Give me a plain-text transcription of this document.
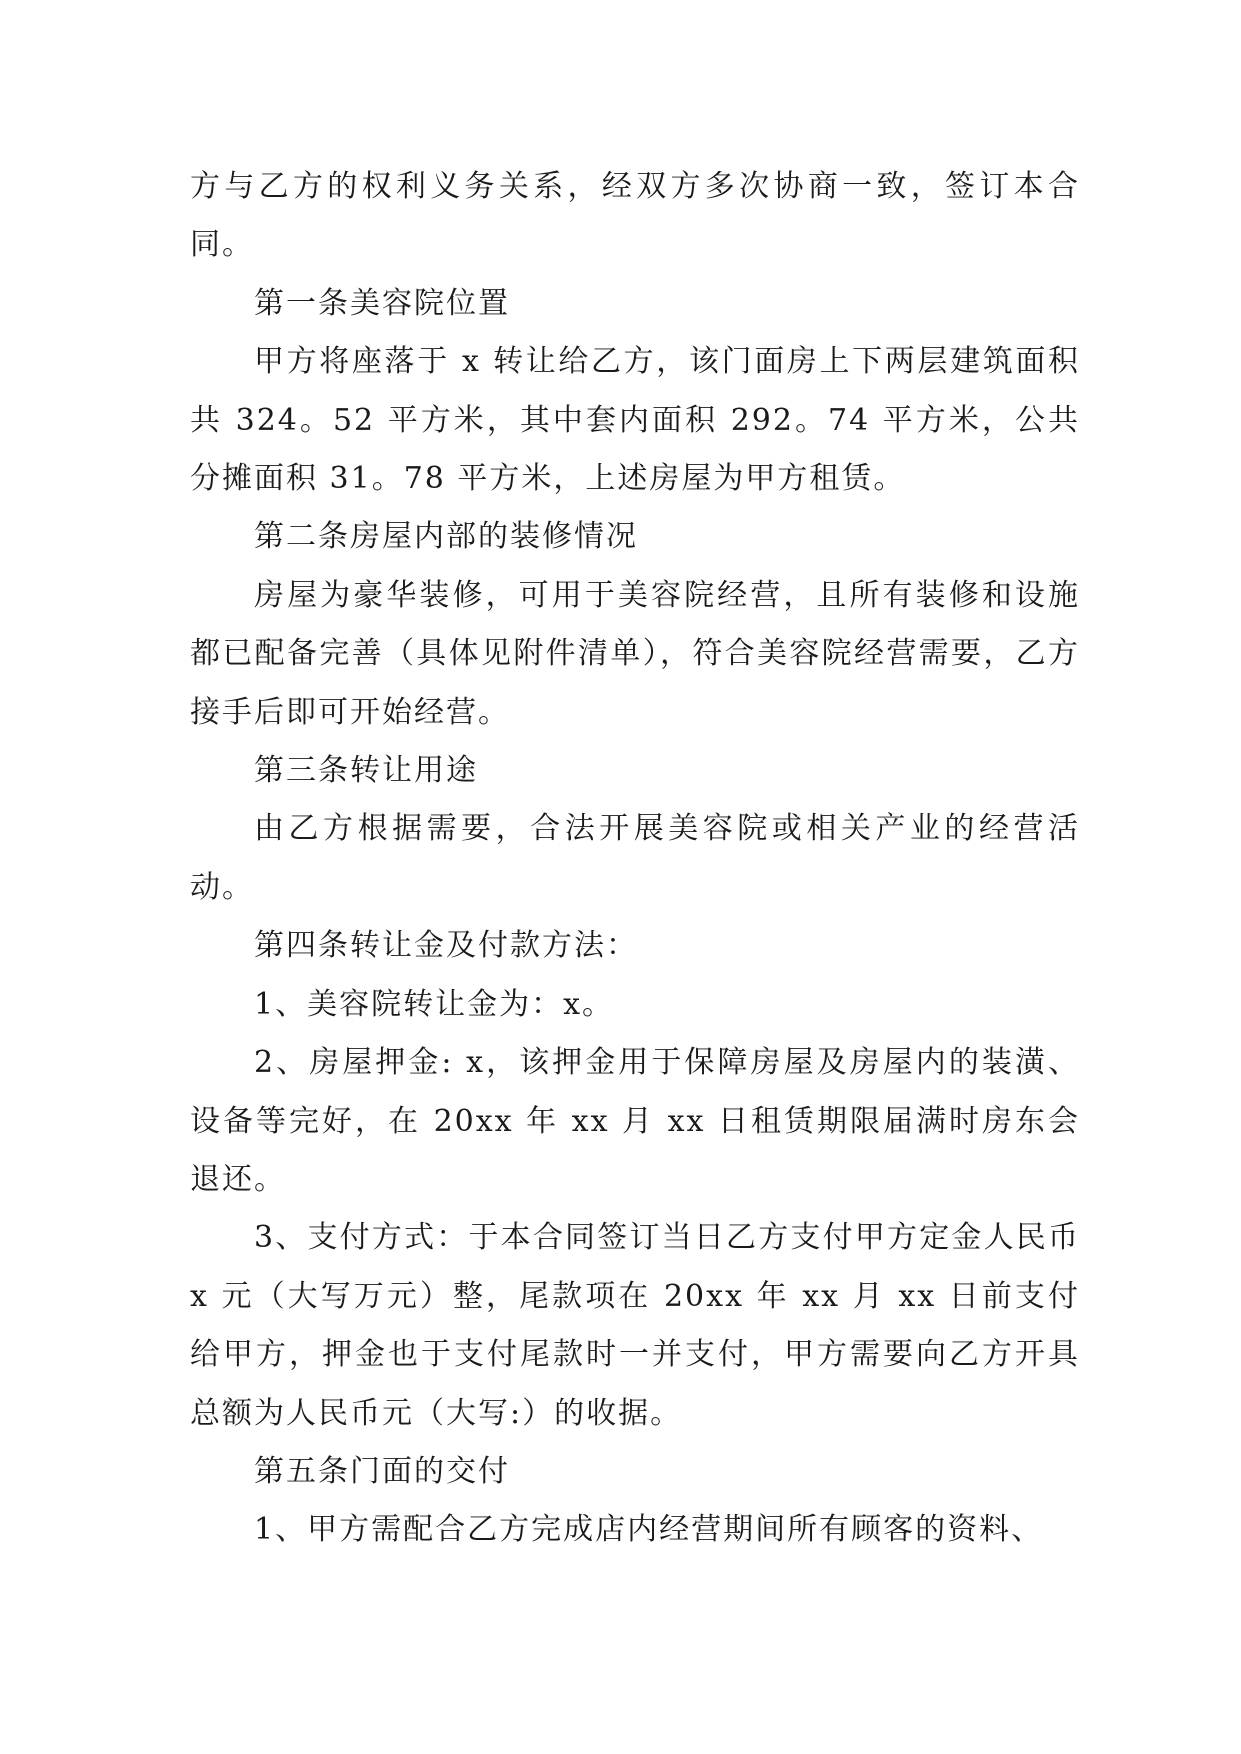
方与乙方的权利义务关系，经双方多次协商一致，签订本合同。

第一条美容院位置

甲方将座落于 x 转让给乙方，该门面房上下两层建筑面积共 324。52 平方米，其中套内面积 292。74 平方米，公共分摊面积 31。78 平方米，上述房屋为甲方租赁。

第二条房屋内部的装修情况

房屋为豪华装修，可用于美容院经营，且所有装修和设施都已配备完善（具体见附件清单），符合美容院经营需要，乙方接手后即可开始经营。

第三条转让用途

由乙方根据需要，合法开展美容院或相关产业的经营活动。

第四条转让金及付款方法：

1、美容院转让金为：x。

2、房屋押金: x，该押金用于保障房屋及房屋内的装潢、设备等完好，在 20xx 年 xx 月 xx 日租赁期限届满时房东会退还。

3、支付方式：于本合同签订当日乙方支付甲方定金人民币 x 元（大写万元）整，尾款项在 20xx 年 xx 月 xx 日前支付给甲方，押金也于支付尾款时一并支付，甲方需要向乙方开具总额为人民币元（大写:）的收据。

第五条门面的交付

1、甲方需配合乙方完成店内经营期间所有顾客的资料、
